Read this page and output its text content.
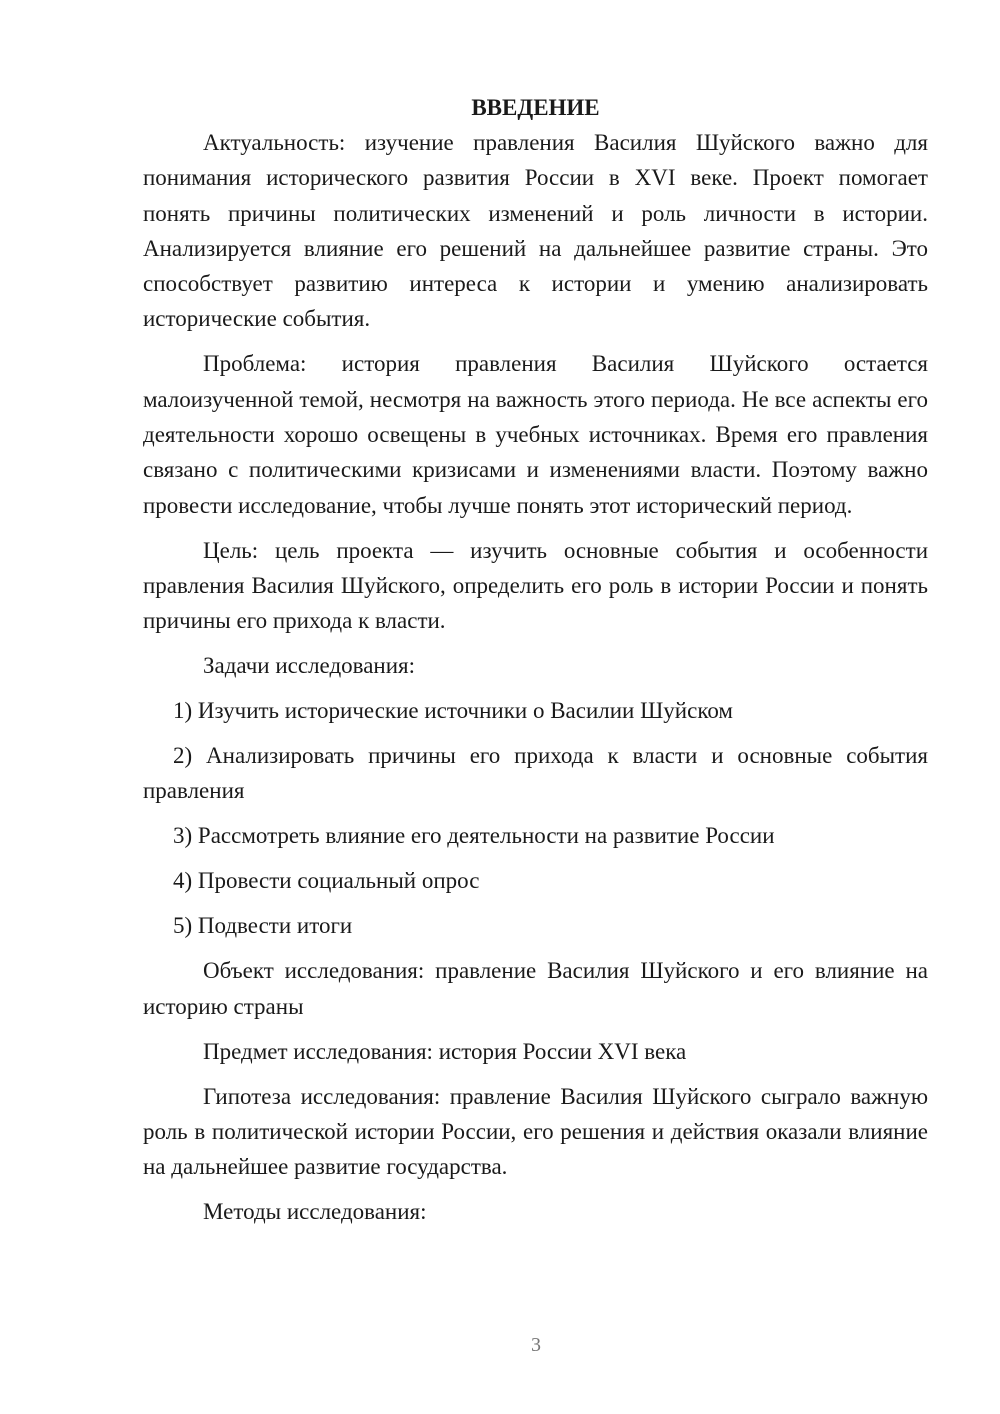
ВВЕДЕНИЕ

Актуальность: изучение правления Василия Шуйского важно для понимания исторического развития России в XVI веке. Проект помогает понять причины политических изменений и роль личности в истории. Анализируется влияние его решений на дальнейшее развитие страны. Это способствует развитию интереса к истории и умению анализировать исторические события.

Проблема: история правления Василия Шуйского остается малоизученной темой, несмотря на важность этого периода. Не все аспекты его деятельности хорошо освещены в учебных источниках. Время его правления связано с политическими кризисами и изменениями власти. Поэтому важно провести исследование, чтобы лучше понять этот исторический период.

Цель: цель проекта — изучить основные события и особенности правления Василия Шуйского, определить его роль в истории России и понять причины его прихода к власти.

Задачи исследования:

1) Изучить исторические источники о Василии Шуйском

2) Анализировать причины его прихода к власти и основные события правления

3) Рассмотреть влияние его деятельности на развитие России

4) Провести социальный опрос

5) Подвести итоги

Объект исследования: правление Василия Шуйского и его влияние на историю страны

Предмет исследования: история России XVI века

Гипотеза исследования: правление Василия Шуйского сыграло важную роль в политической истории России, его решения и действия оказали влияние на дальнейшее развитие государства.

Методы исследования:

3
